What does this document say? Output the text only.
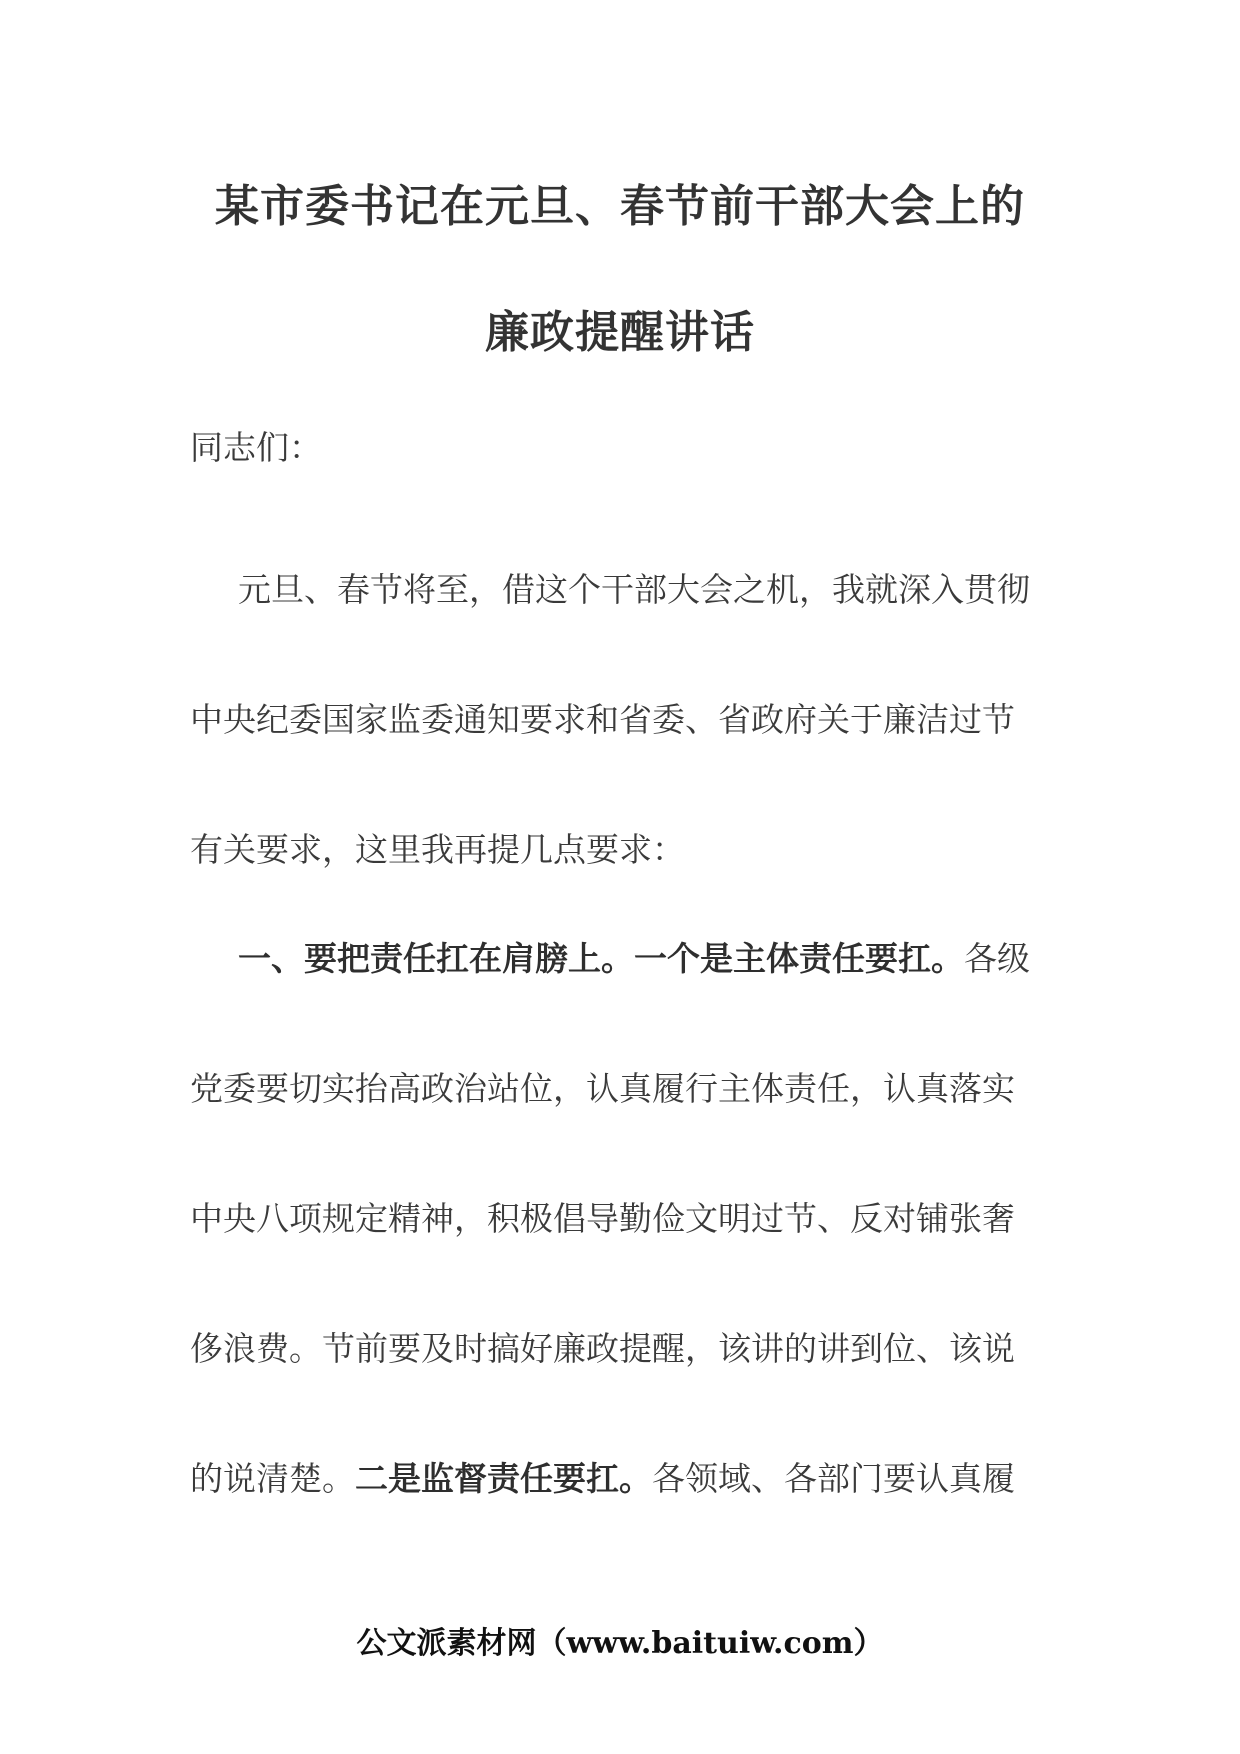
某市委书记在元旦、春节前干部大会上的
廉政提醒讲话
同志们：
元旦、春节将至，借这个干部大会之机，我就深入贯彻
中央纪委国家监委通知要求和省委、省政府关于廉洁过节
有关要求，这里我再提几点要求：
一、要把责任扛在肩膀上。一个是主体责任要扛。各级
党委要切实抬高政治站位，认真履行主体责任，认真落实
中央八项规定精神，积极倡导勤俭文明过节、反对铺张奢
侈浪费。节前要及时搞好廉政提醒，该讲的讲到位、该说
的说清楚。二是监督责任要扛。各领域、各部门要认真履
公文派素材网（www.baituiw.com）
